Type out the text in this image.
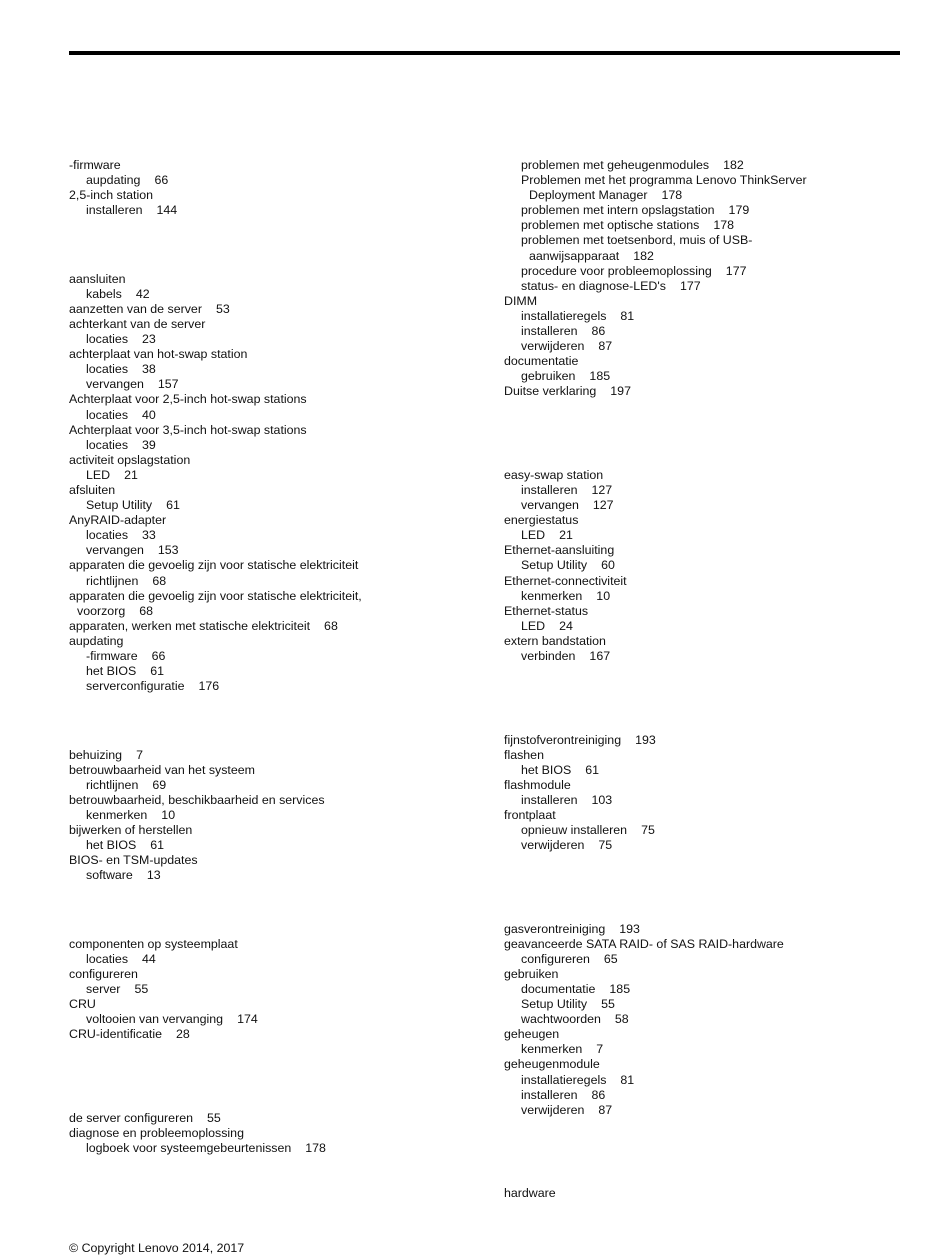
-firmware
aupdating 66
2,5-inch station
installeren 144
aansluiten
kabels 42
aanzetten van de server 53
achterkant van de server
locaties 23
achterplaat van hot-swap station
locaties 38
vervangen 157
Achterplaat voor 2,5-inch hot-swap stations
locaties 40
Achterplaat voor 3,5-inch hot-swap stations
locaties 39
activiteit opslagstation
LED 21
afsluiten
Setup Utility 61
AnyRAID-adapter
locaties 33
vervangen 153
apparaten die gevoelig zijn voor statische elektriciteit
richtlijnen 68
apparaten die gevoelig zijn voor statische elektriciteit,
voorzorg 68
apparaten, werken met statische elektriciteit 68
aupdating
-firmware 66
het BIOS 61
serverconfiguratie 176
behuizing 7
betrouwbaarheid van het systeem
richtlijnen 69
betrouwbaarheid, beschikbaarheid en services
kenmerken 10
bijwerken of herstellen
het BIOS 61
BIOS- en TSM-updates
software 13
componenten op systeemplaat
locaties 44
configureren
server 55
CRU
voltooien van vervanging 174
CRU-identificatie 28
de server configureren 55
diagnose en probleemoplossing
logboek voor systeemgebeurtenissen 178
problemen met geheugenmodules 182
Problemen met het programma Lenovo ThinkServer
Deployment Manager 178
problemen met intern opslagstation 179
problemen met optische stations 178
problemen met toetsenbord, muis of USB-
aanwijsapparaat 182
procedure voor probleemoplossing 177
status- en diagnose-LED's 177
DIMM
installatieregels 81
installeren 86
verwijderen 87
documentatie
gebruiken 185
Duitse verklaring 197
easy-swap station
installeren 127
vervangen 127
energiestatus
LED 21
Ethernet-aansluiting
Setup Utility 60
Ethernet-connectiviteit
kenmerken 10
Ethernet-status
LED 24
extern bandstation
verbinden 167
fijnstofverontreiniging 193
flashen
het BIOS 61
flashmodule
installeren 103
frontplaat
opnieuw installeren 75
verwijderen 75
gasverontreiniging 193
geavanceerde SATA RAID- of SAS RAID-hardware
configureren 65
gebruiken
documentatie 185
Setup Utility 55
wachtwoorden 58
geheugen
kenmerken 7
geheugenmodule
installatieregels 81
installeren 86
verwijderen 87
hardware
© Copyright Lenovo 2014, 2017
